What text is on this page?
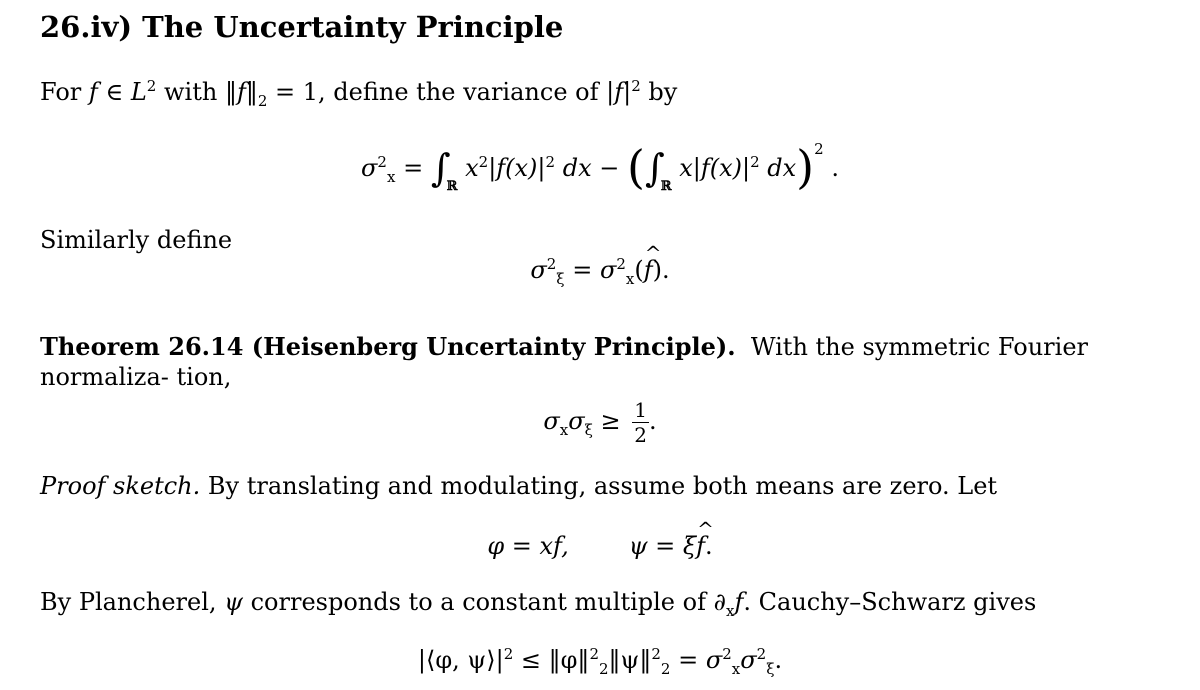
26.iv) The Uncertainty Principle
For f ∈ $L^2$ with $‖f‖_2 = 1$, define the variance of $|f|^2$ by
$\sigma^2_x = \int_ℝ$ $x^2|f(x)|^2$ dx − ($\int_ℝ$ $x|f(x)|^2$ dx)$^2$ .
Similarly define
$\sigma^2_\xi$ = $\sigma^2_x(\^{}$ f).
Theorem 26.14 (Heisenberg Uncertainty Principle). With the symmetric Fourier normaliza- tion,
$\sigma_x\sigma_\xi \ge \frac{1}{2}$ .
Proof sketch. By translating and modulating, assume both means are zero. Let
φ = xf,	ψ = ξ^ f.
By Plancherel, ψ corresponds to a constant multiple of $\partial_xf$. Cauchy–Schwarz gives
|⟨φ, $\psi⟩|^2$ ≤ ‖φ‖$^2_2$‖ψ‖$^2_2$ = $\sigma^2_x\sigma^2_\xi$.
